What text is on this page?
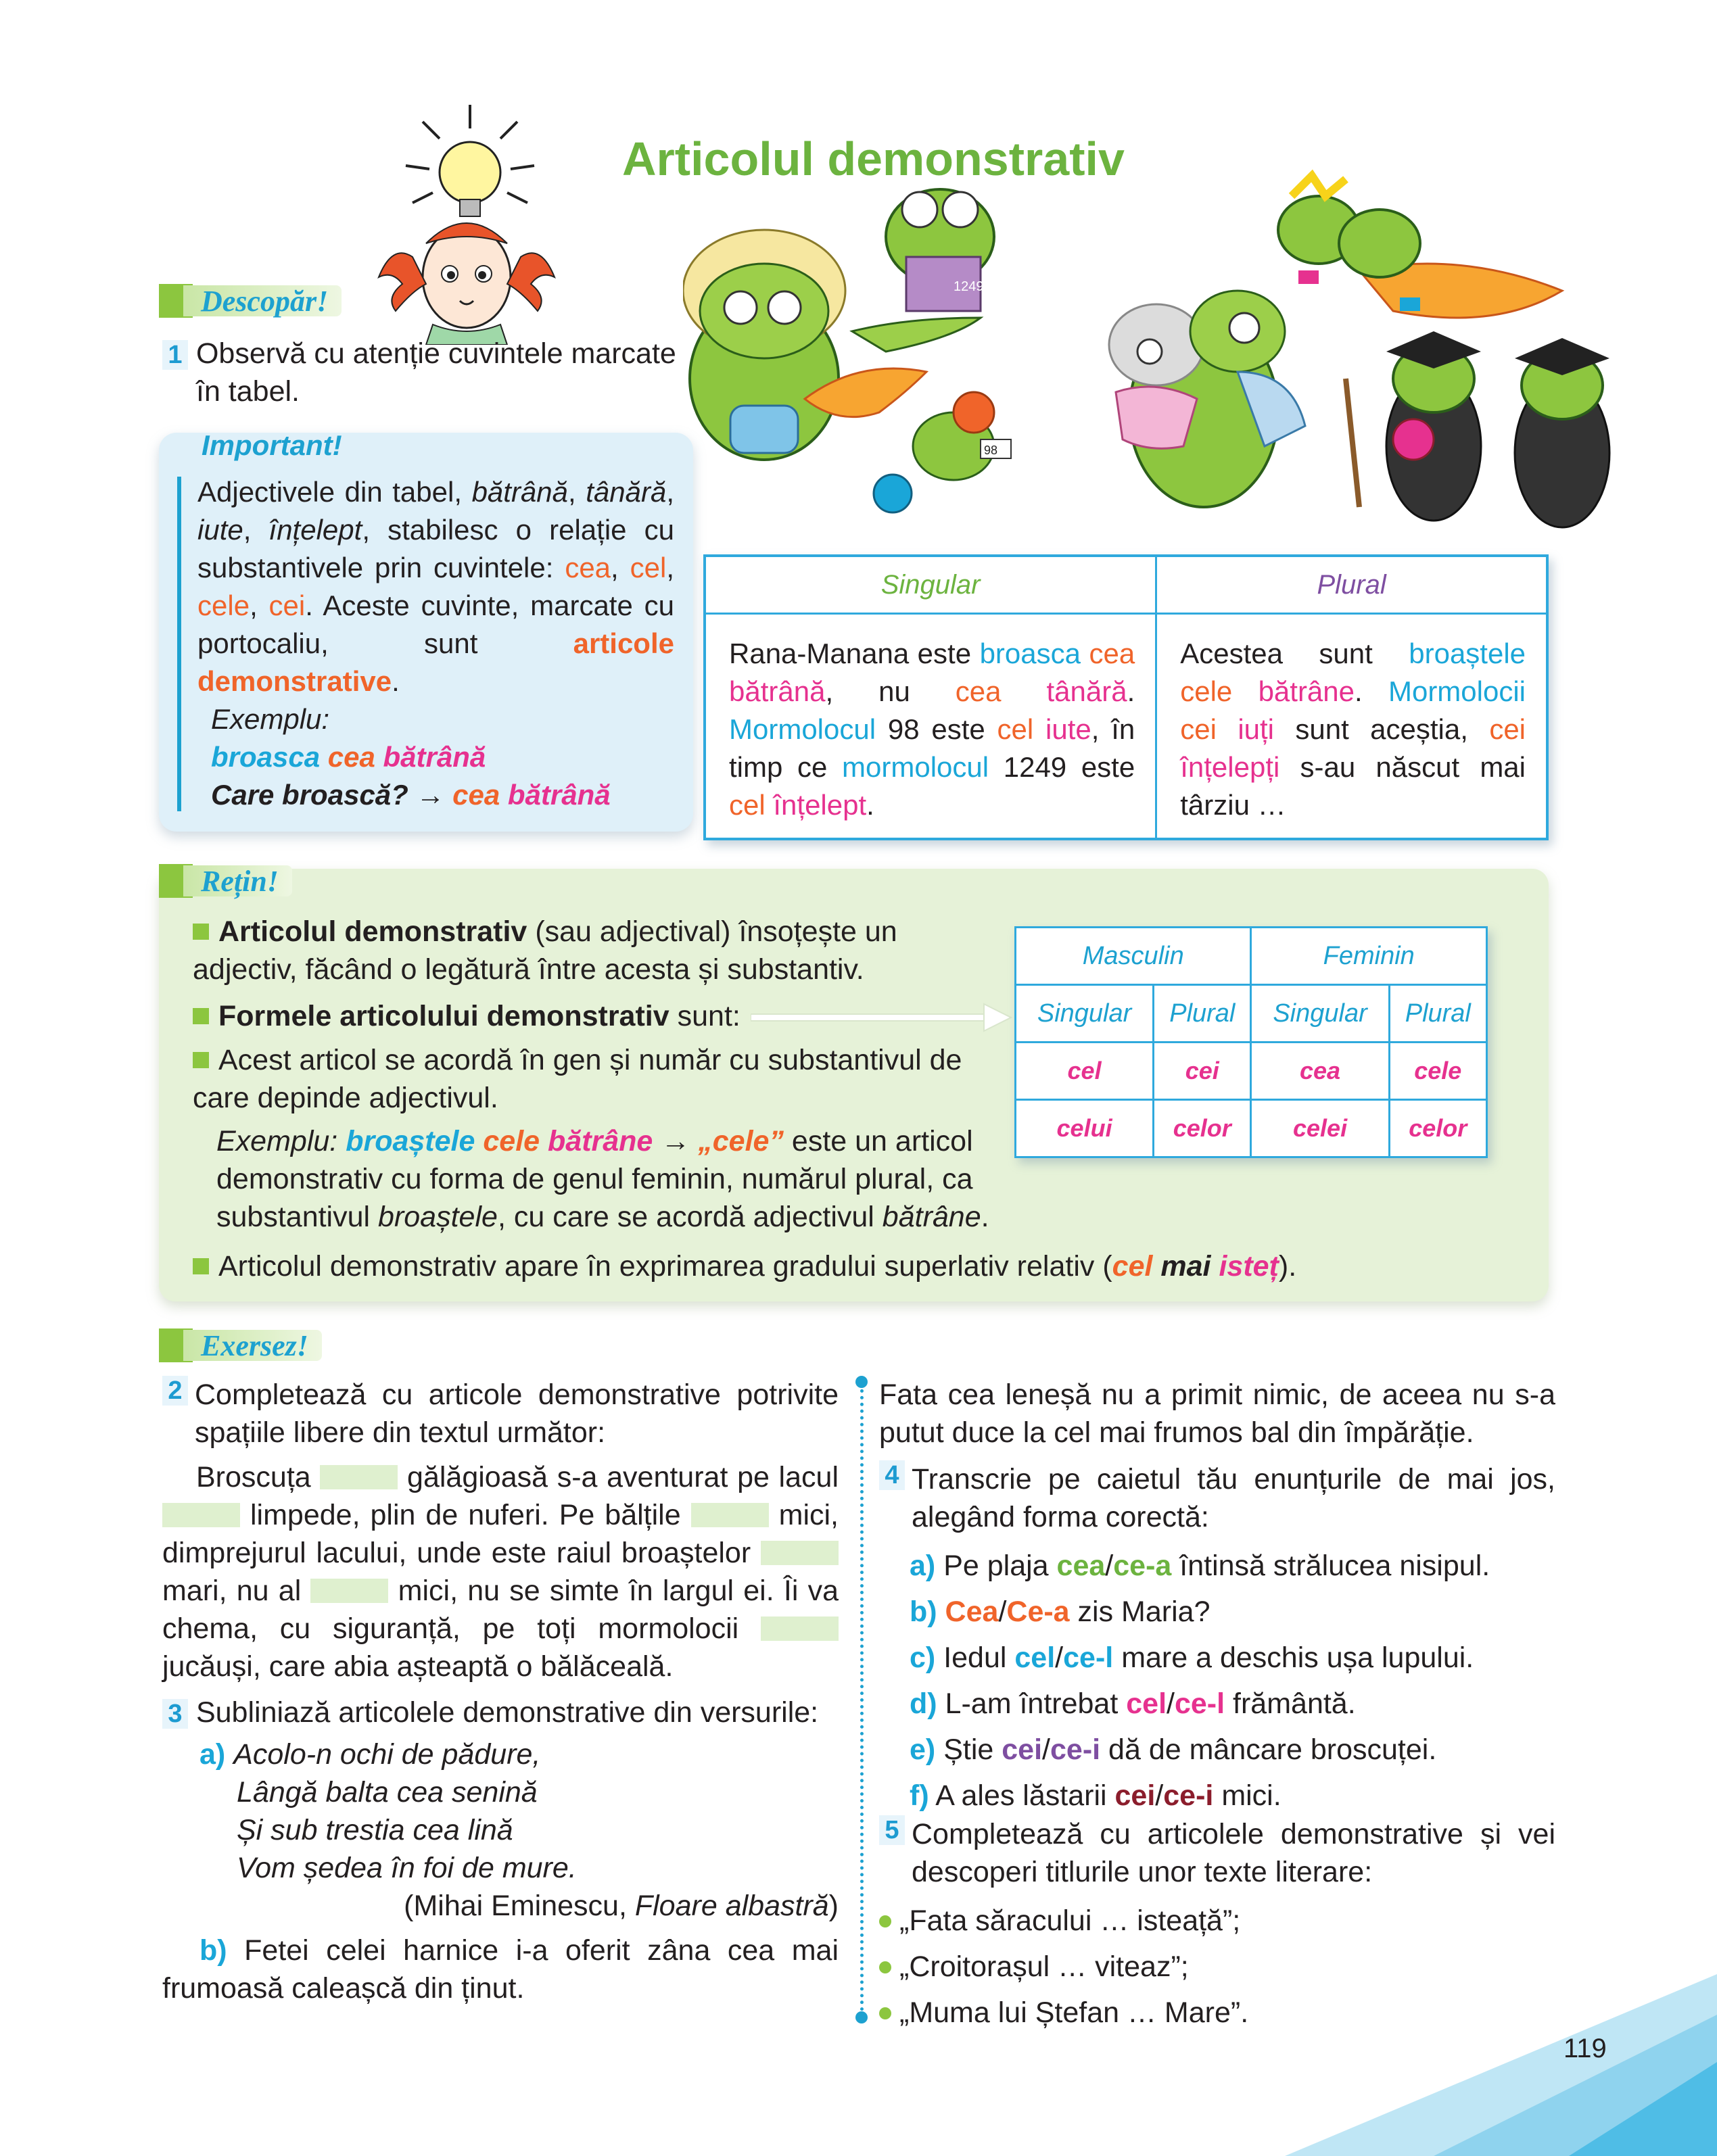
Articolul demonstrativ
1249
98
Descopăr!
1 Observă cu atenție cuvintele marcate
în tabel.
Important!
Adjectivele din tabel, bătrână, tânără, iute, înțelept, stabilesc o relație cu substantivele prin cuvintele: cea, cel, cele, cei. Aceste cuvinte, marcate cu portocaliu, sunt	articole demonstrative.
Exemplu:
broasca cea bătrână
Care broască? → cea bătrână
Singular	Plural
Rana-Manana este broasca cea bătrână, nu cea tânără. Mormolocul 98 este cel iute, în timp ce mormolocul 1249 este cel înțelept.	Acestea sunt broaștele cele bătrâne. Mormolocii cei iuți sunt aceștia, cei înțelepți s-au născut mai târziu …
Rețin!
Articolul demonstrativ (sau adjectival) însoțește un adjectiv, făcând o legătură între acesta și substantiv.
Formele articolului demonstrativ sunt:
Acest articol se acordă în gen și număr cu substantivul de care depinde adjectivul.
Exemplu: broaștele cele bătrâne → „cele” este un articol demonstrativ cu forma de genul feminin, numărul plural, ca substantivul broaștele, cu care se acordă adjectivul bătrâne.
Articolul demonstrativ apare în exprimarea gradului superlativ relativ (cel mai isteț).
Masculin		Feminin	
Singular	Plural	Singular	Plural
cel	cei	cea	cele
celui	celor	celei	celor
Exersez!
2 Completează cu articole demonstrative potrivite spațiile libere din textul următor:
Broscuța	gălăgioasă s-a aventurat pe lacul  limpede, plin de nuferi. Pe bălțile	mici, dimprejurul lacului, unde este raiul broaștelor  mari, nu al	mici, nu se simte în largul ei. Îi va chema, cu siguranță, pe toți mormolocii  jucăuși, care abia așteaptă o bălăceală.
3 Subliniază articolele demonstrative din versurile:
a) Acolo-n ochi de pădure,
Lângă balta cea senină
Și sub trestia cea lină
Vom ședea în foi de mure.
(Mihai Eminescu, Floare albastră)
b) Fetei celei harnice i-a oferit zâna cea mai frumoasă caleașcă din ținut.
Fata cea leneșă nu a primit nimic, de aceea nu s-a putut duce la cel mai frumos bal din împărăție.
4 Transcrie pe caietul tău enunțurile de mai jos, alegând forma corectă:
a) Pe plaja cea/ce-a întinsă strălucea nisipul.
b) Cea/Ce-a zis Maria?
c) Iedul cel/ce-l mare a deschis ușa lupului.
d) L-am întrebat cel/ce-l frământă.
e) Știe cei/ce-i dă de mâncare broscuței.
f) A ales lăstarii cei/ce-i mici.
5 Completează cu articolele demonstrative și vei descoperi titlurile unor texte literare:
„Fata săracului … isteață”;
„Croitorașul … viteaz”;
„Muma lui Ștefan … Mare”.
119
